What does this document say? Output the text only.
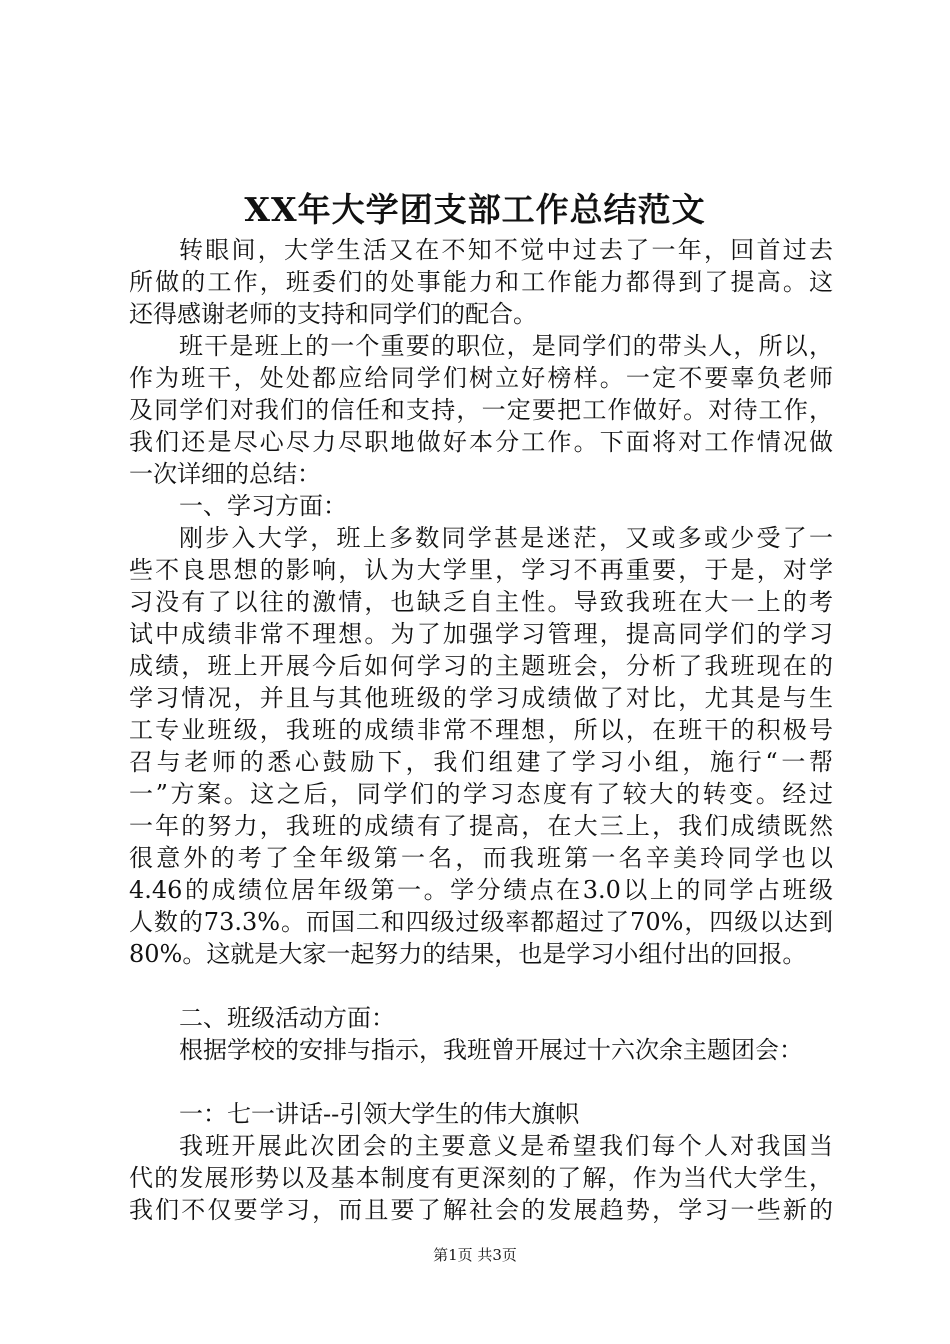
XX年大学团支部工作总结范文
转眼间，大学生活又在不知不觉中过去了一年，回首过去
所做的工作，班委们的处事能力和工作能力都得到了提高。这
还得感谢老师的支持和同学们的配合。
班干是班上的一个重要的职位，是同学们的带头人，所以，
作为班干，处处都应给同学们树立好榜样。一定不要辜负老师
及同学们对我们的信任和支持，一定要把工作做好。对待工作，
我们还是尽心尽力尽职地做好本分工作。下面将对工作情况做
一次详细的总结：
一、学习方面：
刚步入大学，班上多数同学甚是迷茫，又或多或少受了一
些不良思想的影响，认为大学里，学习不再重要，于是，对学
习没有了以往的激情，也缺乏自主性。导致我班在大一上的考
试中成绩非常不理想。为了加强学习管理，提高同学们的学习
成绩，班上开展今后如何学习的主题班会，分析了我班现在的
学习情况，并且与其他班级的学习成绩做了对比，尤其是与生
工专业班级，我班的成绩非常不理想，所以，在班干的积极号
召与老师的悉心鼓励下，我们组建了学习小组，施行“一帮
一”方案。这之后，同学们的学习态度有了较大的转变。经过
一年的努力，我班的成绩有了提高，在大三上，我们成绩既然
很意外的考了全年级第一名，而我班第一名辛美玲同学也以
4.46的成绩位居年级第一。学分绩点在3.0以上的同学占班级
人数的73.3%。而国二和四级过级率都超过了70%，四级以达到
80%。这就是大家一起努力的结果，也是学习小组付出的回报。
二、班级活动方面：
根据学校的安排与指示，我班曾开展过十六次余主题团会：
一：七一讲话--引领大学生的伟大旗帜
我班开展此次团会的主要意义是希望我们每个人对我国当
代的发展形势以及基本制度有更深刻的了解，作为当代大学生，
我们不仅要学习，而且要了解社会的发展趋势，学习一些新的
第1页 共3页
